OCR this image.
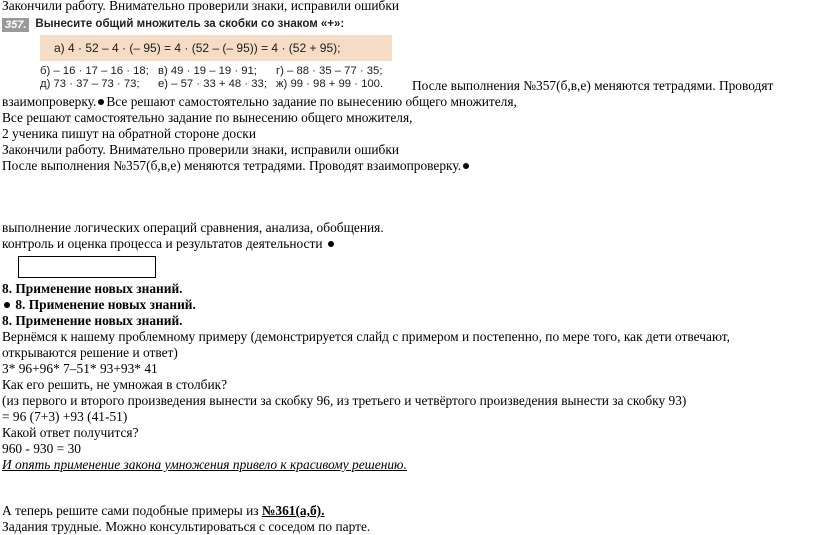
Закончили работу. Внимательно проверили знаки, исправили ошибки
357. Вынесите общий множитель за скобки со знаком «+»:
а) 4 · 52 – 4 · (– 95) = 4 · (52 – (– 95)) = 4 · (52 + 95);
б) – 16 · 17 – 16 · 18; в) 49 · 19 – 19 · 91; г) – 88 · 35 – 77 · 35;
д) 73 · 37 – 73 · 73; е) – 57 · 33 + 48 · 33; ж) 99 · 98 + 99 · 100. После выполнения №357(б,в,е) меняются тетрадями. Проводят
взаимопроверку. Все решают самостоятельно задание по вынесению общего множителя,
Все решают самостоятельно задание по вынесению общего множителя,
2 ученика пишут на обратной стороне доски
Закончили работу. Внимательно проверили знаки, исправили ошибки
После выполнения №357(б,в,е) меняются тетрадями. Проводят взаимопроверку.
выполнение логических операций сравнения, анализа, обобщения.
контроль и оценка процесса и результатов деятельности
8. Применение новых знаний.
8. Применение новых знаний.
8. Применение новых знаний.
Вернёмся к нашему проблемному примеру (демонстрируется слайд с примером и постепенно, по мере того, как дети отвечают,
открываются решение и ответ)
3* 96+96* 7–51* 93+93* 41
Как его решить, не умножая в столбик?
(из первого и второго произведения вынести за скобку 96, из третьего и четвёртого произведения вынести за скобку 93)
= 96 (7+3) +93 (41-51)
Какой ответ получится?
960 - 930 = 30
И опять применение закона умножения привело к красивому решению.
А теперь решите сами подобные примеры из №361(а,б).
Задания трудные. Можно консультироваться с соседом по парте.
